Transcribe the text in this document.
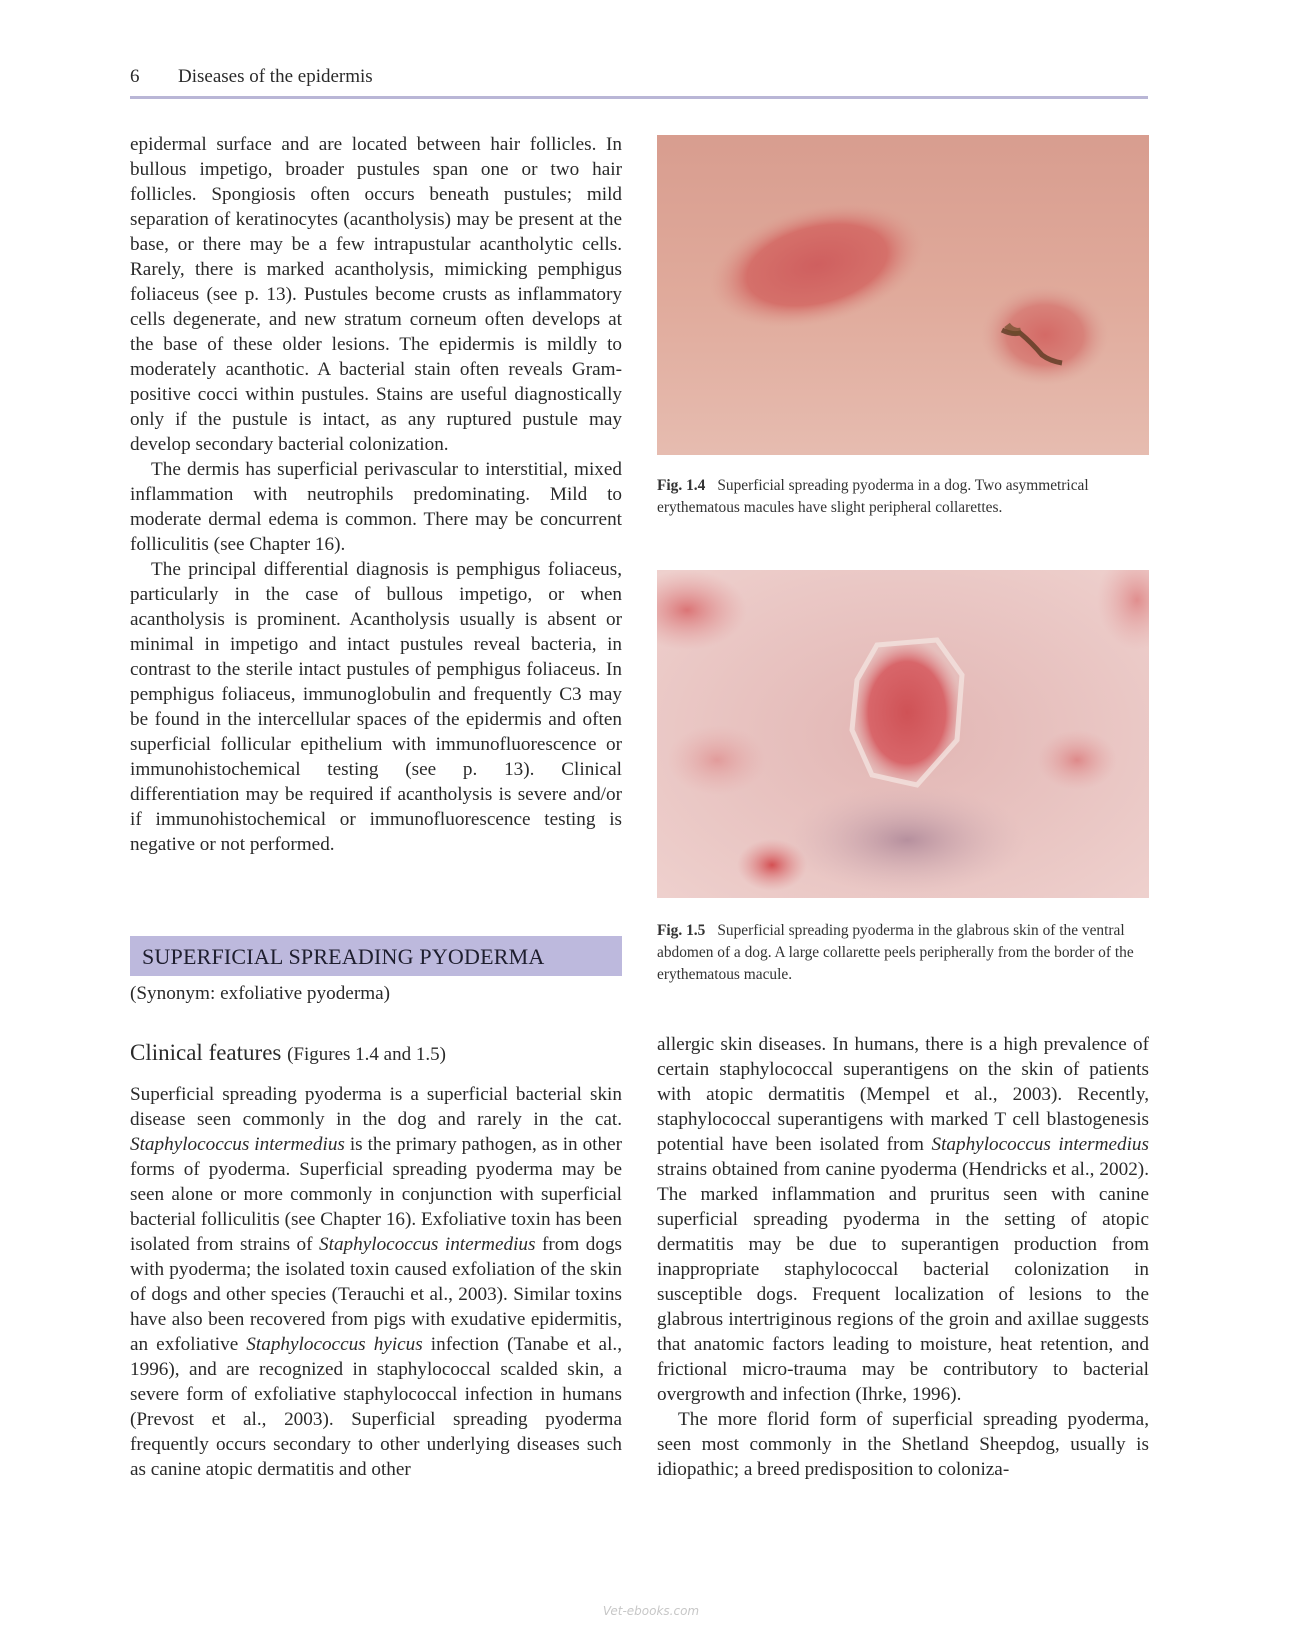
6 Diseases of the epidermis

epidermal surface and are located between hair follicles. In bullous impetigo, broader pustules span one or two hair follicles. Spongiosis often occurs beneath pustules; mild separation of keratinocytes (acantholysis) may be present at the base, or there may be a few intrapustular acantholytic cells. Rarely, there is marked acantholysis, mimicking pemphigus foliaceus (see p. 13). Pustules become crusts as inflammatory cells degenerate, and new stratum corneum often develops at the base of these older lesions. The epidermis is mildly to moderately acanthotic. A bacterial stain often reveals Gram-positive cocci within pustules. Stains are useful diagnostically only if the pustule is intact, as any ruptured pustule may develop secondary bacterial colonization.

The dermis has superficial perivascular to interstitial, mixed inflammation with neutrophils predominating. Mild to moderate dermal edema is common. There may be concurrent folliculitis (see Chapter 16).

The principal differential diagnosis is pemphigus foliaceus, particularly in the case of bullous impetigo, or when acantholysis is prominent. Acantholysis usually is absent or minimal in impetigo and intact pustules reveal bacteria, in contrast to the sterile intact pustules of pemphigus foliaceus. In pemphigus foliaceus, immunoglobulin and frequently C3 may be found in the intercellular spaces of the epidermis and often superficial follicular epithelium with immunofluorescence or immunohistochemical testing (see p. 13). Clinical differentiation may be required if acantholysis is severe and/or if immunohistochemical or immunofluorescence testing is negative or not performed.

SUPERFICIAL SPREADING PYODERMA
(Synonym: exfoliative pyoderma)
Clinical features (Figures 1.4 and 1.5)

Superficial spreading pyoderma is a superficial bacterial skin disease seen commonly in the dog and rarely in the cat. Staphylococcus intermedius is the primary pathogen, as in other forms of pyoderma. Superficial spreading pyoderma may be seen alone or more commonly in conjunction with superficial bacterial folliculitis (see Chapter 16). Exfoliative toxin has been isolated from strains of Staphylococcus intermedius from dogs with pyoderma; the isolated toxin caused exfoliation of the skin of dogs and other species (Terauchi et al., 2003). Similar toxins have also been recovered from pigs with exudative epidermitis, an exfoliative Staphylococcus hyicus infection (Tanabe et al., 1996), and are recognized in staphylococcal scalded skin, a severe form of exfoliative staphylococcal infection in humans (Prevost et al., 2003). Superficial spreading pyoderma frequently occurs secondary to other underlying diseases such as canine atopic dermatitis and other

allergic skin diseases. In humans, there is a high prevalence of certain staphylococcal superantigens on the skin of patients with atopic dermatitis (Mempel et al., 2003). Recently, staphylococcal superantigens with marked T cell blastogenesis potential have been isolated from Staphylococcus intermedius strains obtained from canine pyoderma (Hendricks et al., 2002). The marked inflammation and pruritus seen with canine superficial spreading pyoderma in the setting of atopic dermatitis may be due to superantigen production from inappropriate staphylococcal bacterial colonization in susceptible dogs. Frequent localization of lesions to the glabrous intertriginous regions of the groin and axillae suggests that anatomic factors leading to moisture, heat retention, and frictional micro-trauma may be contributory to bacterial overgrowth and infection (Ihrke, 1996).

The more florid form of superficial spreading pyoderma, seen most commonly in the Shetland Sheepdog, usually is idiopathic; a breed predisposition to coloniza-

Fig. 1.4 Superficial spreading pyoderma in a dog. Two asymmetrical erythematous macules have slight peripheral collarettes.
Fig. 1.5 Superficial spreading pyoderma in the glabrous skin of the ventral abdomen of a dog. A large collarette peels peripherally from the border of the erythematous macule.
Vet-ebooks.com
